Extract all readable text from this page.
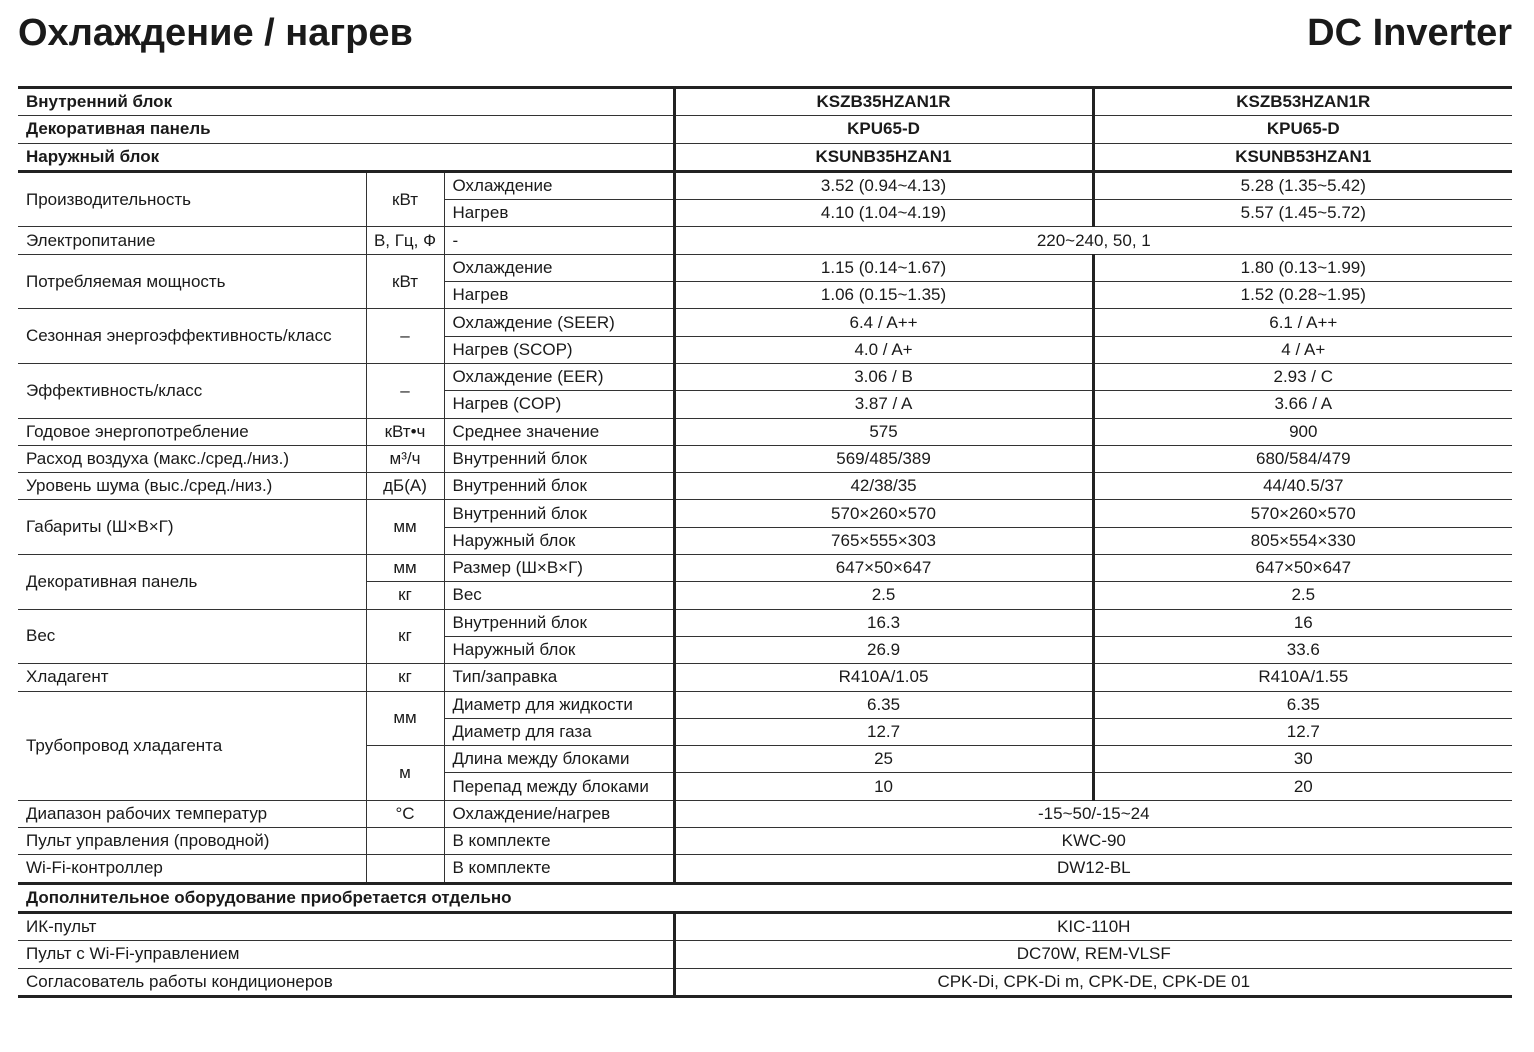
Охлаждение / нагрев	DC Inverter
Внутренний блок			KSZB35HZAN1R	KSZB53HZAN1R
Декоративная панель			KPU65-D	KPU65-D
Наружный блок			KSUNB35HZAN1	KSUNB53HZAN1
Производительность	кВт	Охлаждение	3.52 (0.94~4.13)	5.28 (1.35~5.42)
		Нагрев	4.10 (1.04~4.19)	5.57 (1.45~5.72)
Электропитание	В, Гц, Ф	-	220~240, 50, 1	
Потребляемая мощность	кВт	Охлаждение	1.15 (0.14~1.67)	1.80 (0.13~1.99)
		Нагрев	1.06 (0.15~1.35)	1.52 (0.28~1.95)
Сезонная энергоэффективность/класс	–	Охлаждение (SEER)	6.4 / A++	6.1 / A++
		Нагрев (SCOP)	4.0 / A+	4 / A+
Эффективность/класс	–	Охлаждение (EER)	3.06 / B	2.93 / C
		Нагрев (COP)	3.87 / A	3.66 / A
Годовое энергопотребление	кВт•ч	Среднее значение	575	900
Расход воздуха (макс./сред./низ.)	м³/ч	Внутренний блок	569/485/389	680/584/479
Уровень шума (выс./сред./низ.)	дБ(А)	Внутренний блок	42/38/35	44/40.5/37
Габариты (Ш×В×Г)	мм	Внутренний блок	570×260×570	570×260×570
		Наружный блок	765×555×303	805×554×330
Декоративная панель	мм	Размер (Ш×В×Г)	647×50×647	647×50×647
	кг	Вес	2.5	2.5
Вес	кг	Внутренний блок	16.3	16
		Наружный блок	26.9	33.6
Хладагент	кг	Тип/заправка	R410A/1.05	R410A/1.55
Трубопровод хладагента	мм	Диаметр для жидкости	6.35	6.35
		Диаметр для газа	12.7	12.7
	м	Длина между блоками	25	30
		Перепад между блоками	10	20
Диапазон рабочих температур	°С	Охлаждение/нагрев	-15~50/-15~24	
Пульт управления (проводной)		В комплекте	KWC-90	
Wi-Fi-контроллер		В комплекте	DW12-BL	
Дополнительное оборудование приобретается отдельно				
ИК-пульт			KIC-110H	
Пульт с Wi-Fi-управлением			DC70W, REM-VLSF	
Согласователь работы кондиционеров			CPK-Di, CPK-Di m, CPK-DE, CPK-DE 01	
